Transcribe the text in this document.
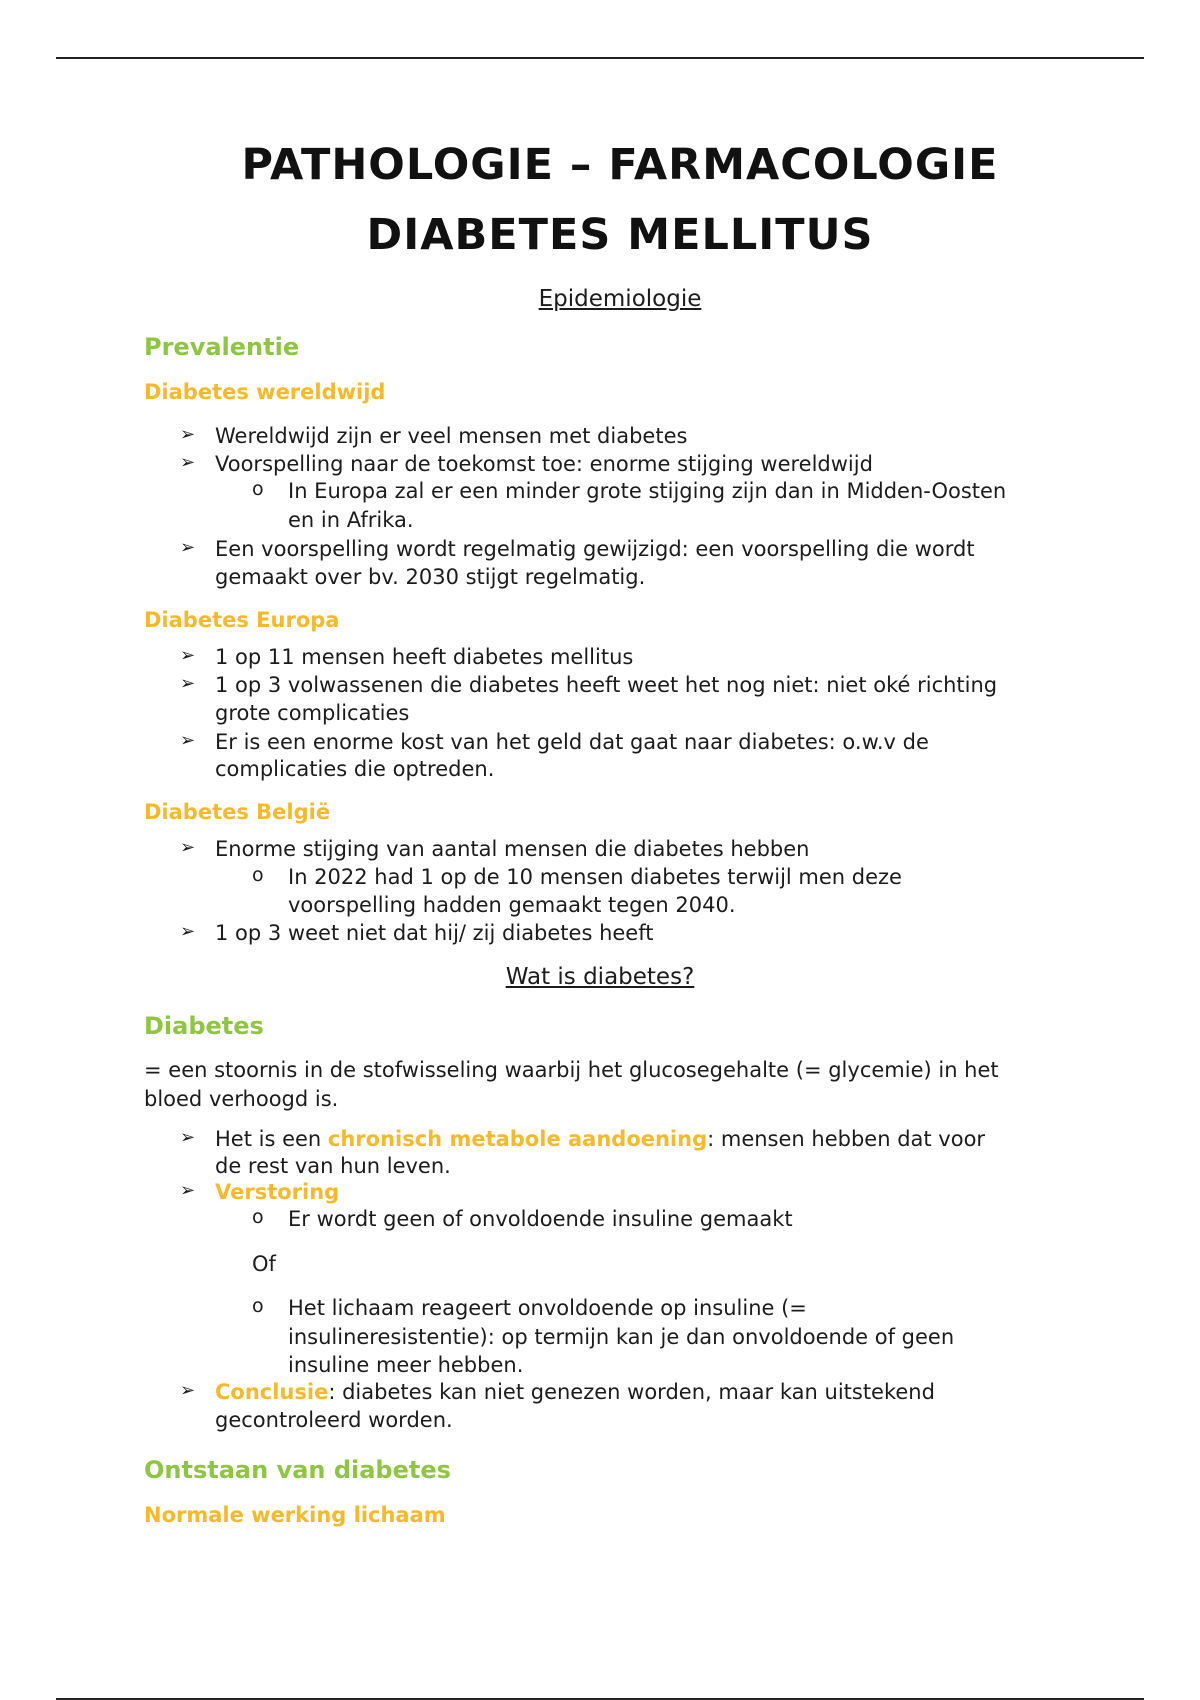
PATHOLOGIE – FARMACOLOGIE
DIABETES MELLITUS
Epidemiologie
Prevalentie
Diabetes wereldwijd
➢ Wereldwijd zijn er veel mensen met diabetes
➢ Voorspelling naar de toekomst toe: enorme stijging wereldwijd
o In Europa zal er een minder grote stijging zijn dan in Midden-Oosten
en in Afrika.
➢ Een voorspelling wordt regelmatig gewijzigd: een voorspelling die wordt
gemaakt over bv. 2030 stijgt regelmatig.
Diabetes Europa
➢ 1 op 11 mensen heeft diabetes mellitus
➢ 1 op 3 volwassenen die diabetes heeft weet het nog niet: niet oké richting
grote complicaties
➢ Er is een enorme kost van het geld dat gaat naar diabetes: o.w.v de
complicaties die optreden.
Diabetes België
➢ Enorme stijging van aantal mensen die diabetes hebben
o In 2022 had 1 op de 10 mensen diabetes terwijl men deze
voorspelling hadden gemaakt tegen 2040.
➢ 1 op 3 weet niet dat hij/ zij diabetes heeft
Wat is diabetes?
Diabetes
= een stoornis in de stofwisseling waarbij het glucosegehalte (= glycemie) in het
bloed verhoogd is.
➢ Het is een chronisch metabole aandoening: mensen hebben dat voor
de rest van hun leven.
➢ Verstoring
o Er wordt geen of onvoldoende insuline gemaakt
Of
o Het lichaam reageert onvoldoende op insuline (=
insulineresistentie): op termijn kan je dan onvoldoende of geen
insuline meer hebben.
➢ Conclusie: diabetes kan niet genezen worden, maar kan uitstekend
gecontroleerd worden.
Ontstaan van diabetes
Normale werking lichaam
